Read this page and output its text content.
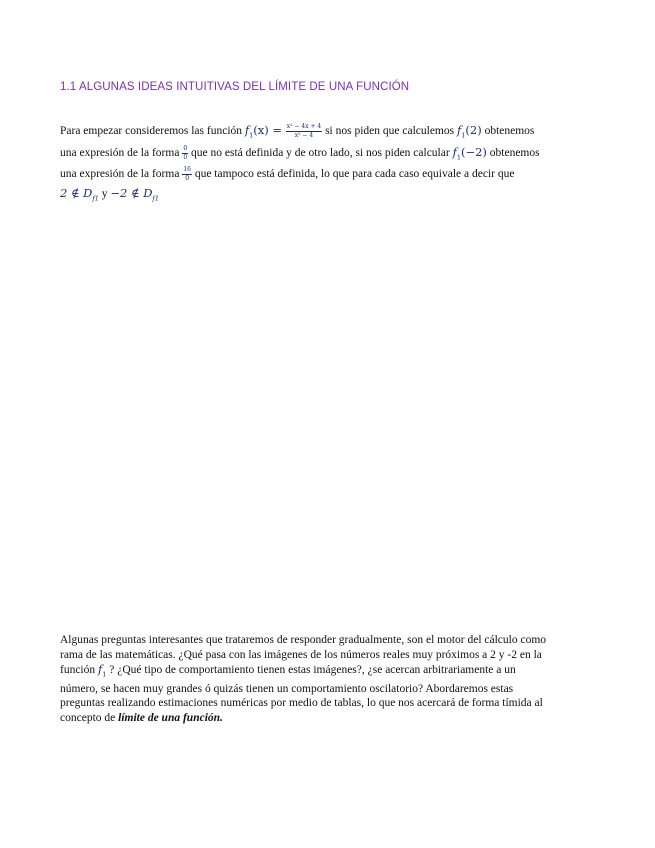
1.1 ALGUNAS IDEAS INTUITIVAS DEL LÍMITE DE UNA FUNCIÓN
Para empezar consideremos las función $f_1(x) = \frac{\text{x² − 4x + 4}}{\text{x² − 4}}$ si nos piden que calculemos $f_1(2)$ obtenemos
una expresión de la forma $\frac{0}{0}$ que no está definida y de otro lado, si nos piden calcular $f_1(-2)$ obtenemos
una expresión de la forma $\frac{16}{0}$ que tampoco está definida, lo que para cada caso equivale a decir que
2 ∉ $D_{f1}$ y −2 ∉ $D_{f1}$
Algunas preguntas interesantes que trataremos de responder gradualmente, son el motor del cálculo como
rama de las matemáticas. ¿Qué pasa con las imágenes de los números reales muy próximos a 2 y -2 en la
función $f_1$ ? ¿Qué tipo de comportamiento tienen estas imágenes?, ¿se acercan arbitrariamente a un
número, se hacen muy grandes ó quizás tienen un comportamiento oscilatorio? Abordaremos estas
preguntas realizando estimaciones numéricas por medio de tablas, lo que nos acercará de forma tímida al
concepto de límite de una función.
